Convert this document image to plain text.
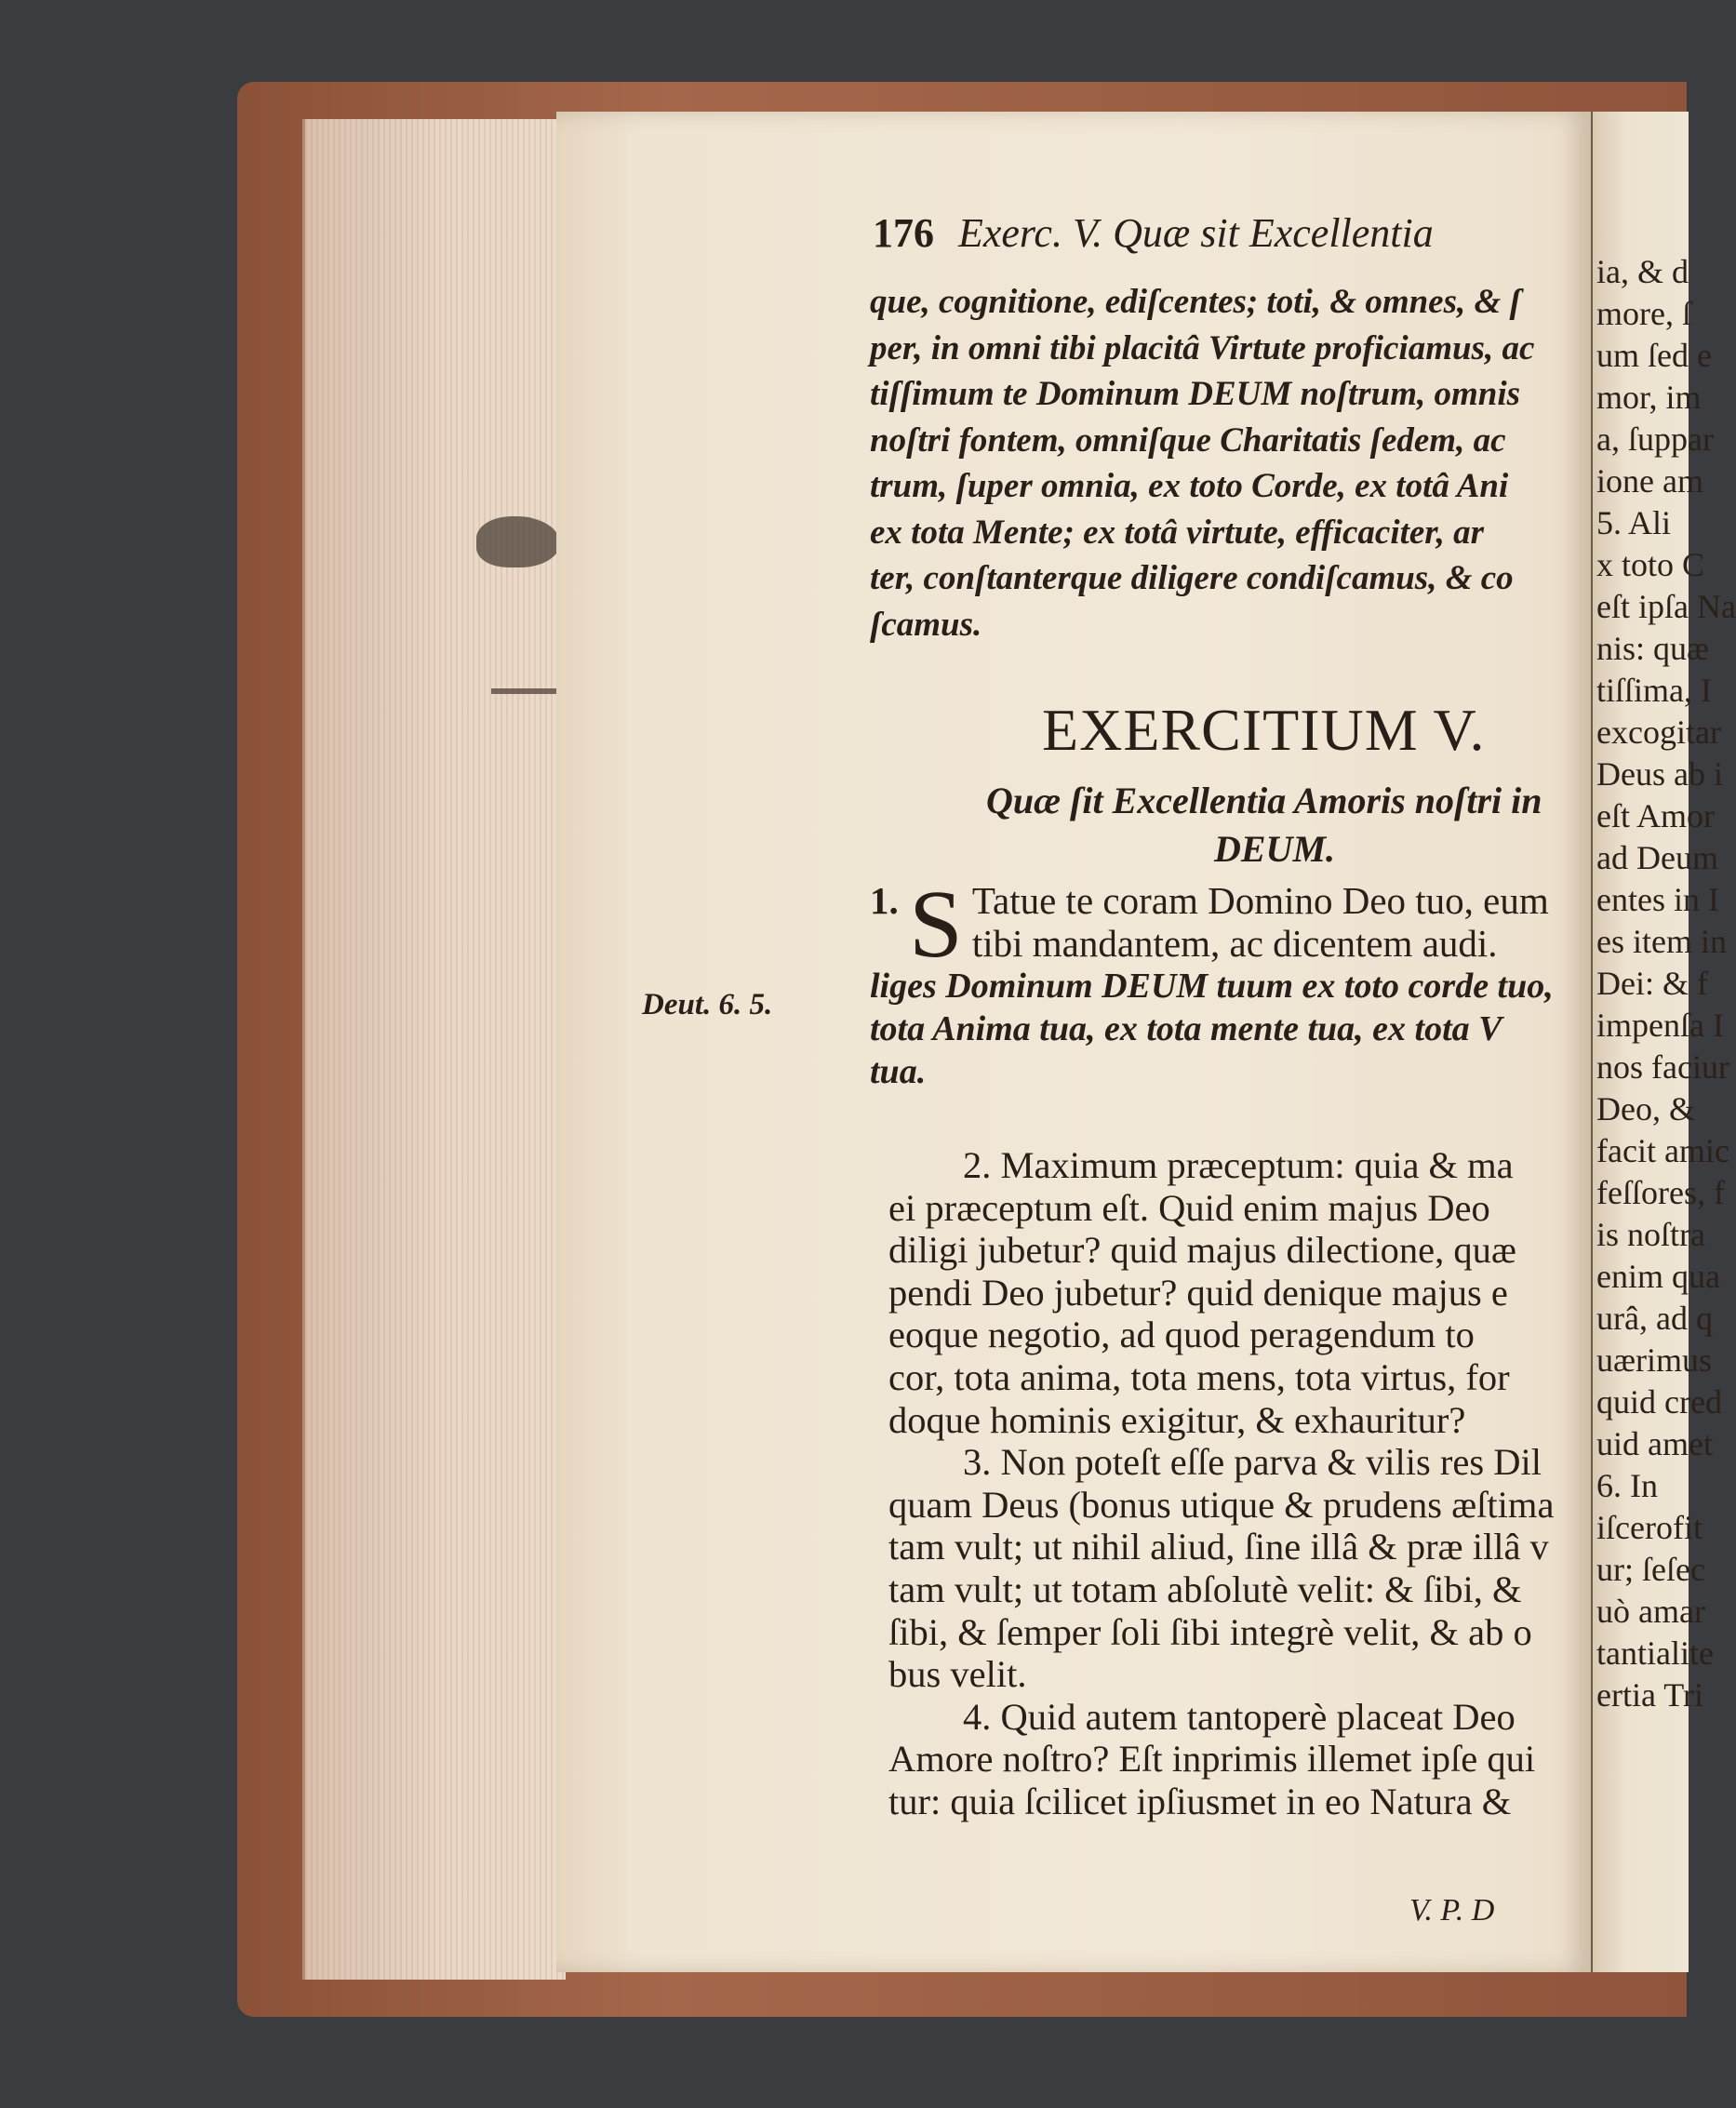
ia, & d
more, ſ
um ſed e
mor, im
a, ſuppar
ione am
5. Ali
x toto C
eſt ipſa Na
nis: quæ
tiſſima, I
excogitar
Deus ab i
eſt Amor
ad Deum
entes in I
es item in
Dei: & f
impenſa I
nos faciur
Deo, &
facit amic
feſſores, f
is noſtra
enim qua
urâ, ad q
uærimus
quid cred
uid amet
6. In
iſcerofit
ur; ſeſec
uò amar
tantialite
ertia Tri
176 Exerc. V. Quæ sit Excellentia
que, cognitione, ediſcentes; toti, & omnes, & ſ
per, in omni tibi placitâ Virtute proficiamus, ac
tiſſimum te Dominum DEUM noſtrum, omnis
noſtri fontem, omniſque Charitatis ſedem, ac
trum, ſuper omnia, ex toto Corde, ex totâ Ani
ex tota Mente; ex totâ virtute, efficaciter, ar
ter, conſtanterque diligere condiſcamus, & co
ſcamus.
EXERCITIUM V.
Quæ ſit Excellentia Amoris noſtri in
DEUM.
1. S Tatue te coram Domino Deo tuo, eum
tibi mandantem, ac dicentem audi.
liges Dominum DEUM tuum ex toto corde tuo,
tota Anima tua, ex tota mente tua, ex tota V
tua.
Deut. 6. 5.
2. Maximum præceptum: quia & ma
ei præceptum eſt. Quid enim majus Deo
diligi jubetur? quid majus dilectione, quæ
pendi Deo jubetur? quid denique majus e
eoque negotio, ad quod peragendum to
cor, tota anima, tota mens, tota virtus, for
doque hominis exigitur, & exhauritur?
3. Non poteſt eſſe parva & vilis res Dil
quam Deus (bonus utique & prudens æſtima
tam vult; ut nihil aliud, ſine illâ & præ illâ v
tam vult; ut totam abſolutè velit: & ſibi, &
ſibi, & ſemper ſoli ſibi integrè velit, & ab o
bus velit.
4. Quid autem tantoperè placeat Deo
Amore noſtro? Eſt inprimis illemet ipſe qui
tur: quia ſcilicet ipſiusmet in eo Natura &
V. P. D
